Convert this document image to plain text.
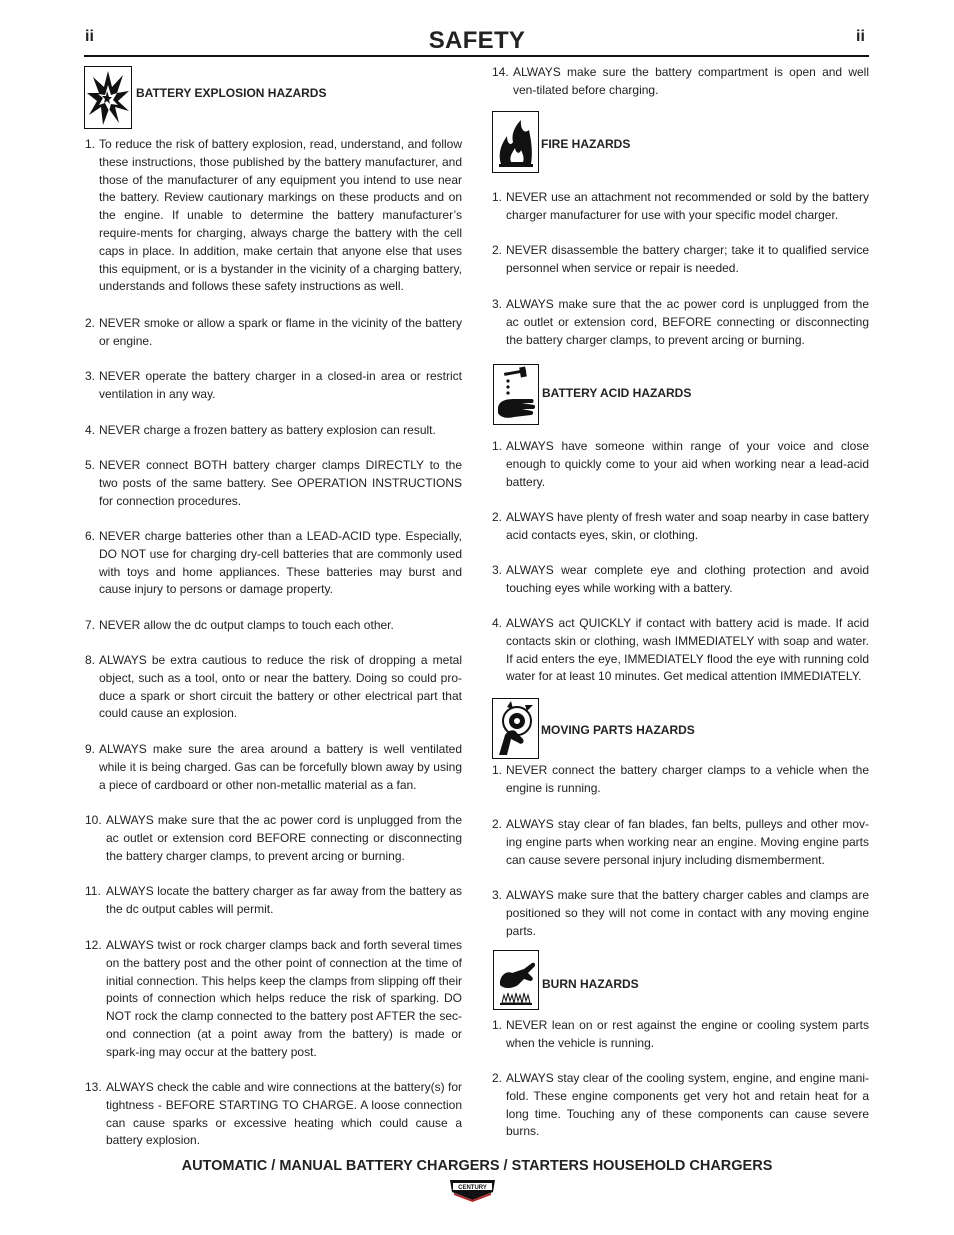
ii	SAFETY	ii
BATTERY EXPLOSION HAZARDS
FIRE HAZARDS
BATTERY ACID HAZARDS
MOVING PARTS HAZARDS
BURN HAZARDS
AUTOMATIC / MANUAL BATTERY CHARGERS / STARTERS HOUSEHOLD CHARGERS
CENTURY
1. To reduce the risk of battery explosion, read, understand, and follow these instructions, those published by the battery manufacturer, and those of the manufacturer of any equipment you intend to use near the battery. Review cautionary markings on these products and on the engine. If unable to determine the battery manufacturer’s require-ments for charging, always charge the battery with the cell caps in place. In addition, make certain that anyone else that uses this equipment, or is a bystander in the vicinity of a charging battery, understands and follows these safety instructions as well.
2. NEVER smoke or allow a spark or flame in the vicinity of the battery or engine.
3. NEVER operate the battery charger in a closed-in area or restrict ventilation in any way.
4. NEVER charge a frozen battery as battery explosion can result.
5. NEVER connect BOTH battery charger clamps DIRECTLY to the two posts of the same battery. See OPERATION INSTRUCTIONS for connection procedures.
6. NEVER charge batteries other than a LEAD-ACID type. Especially, DO NOT use for charging dry-cell batteries that are commonly used with toys and home appliances. These batteries may burst and cause injury to persons or damage property.
7. NEVER allow the dc output clamps to touch each other.
8. ALWAYS be extra cautious to reduce the risk of dropping a metal object, such as a tool, onto or near the battery. Doing so could pro-duce a spark or short circuit the battery or other electrical part that could cause an explosion.
9. ALWAYS make sure the area around a battery is well ventilated while it is being charged. Gas can be forcefully blown away by using a piece of cardboard or other non-metallic material as a fan.
10. ALWAYS make sure that the ac power cord is unplugged from the ac outlet or extension cord BEFORE connecting or disconnecting the battery charger clamps, to prevent arcing or burning.
11. ALWAYS locate the battery charger as far away from the battery as the dc output cables will permit.
12. ALWAYS twist or rock charger clamps back and forth several times on the battery post and the other point of connection at the time of initial connection. This helps keep the clamps from slipping off their points of connection which helps reduce the risk of sparking. DO NOT rock the clamp connected to the battery post AFTER the sec-ond connection (at a point away from the battery) is made or spark-ing may occur at the battery post.
13. ALWAYS check the cable and wire connections at the battery(s) for tightness - BEFORE STARTING TO CHARGE. A loose connection can cause sparks or excessive heating which could cause a battery explosion.
14. ALWAYS make sure the battery compartment is open and well ven-tilated before charging.
1. NEVER use an attachment not recommended or sold by the battery charger manufacturer for use with your specific model charger.
2. NEVER disassemble the battery charger; take it to qualified service personnel when service or repair is needed.
3. ALWAYS make sure that the ac power cord is unplugged from the ac outlet or extension cord, BEFORE connecting or disconnecting the battery charger clamps, to prevent arcing or burning.
1. ALWAYS have someone within range of your voice and close enough to quickly come to your aid when working near a lead-acid battery.
2. ALWAYS have plenty of fresh water and soap nearby in case battery acid contacts eyes, skin, or clothing.
3. ALWAYS wear complete eye and clothing protection and avoid touching eyes while working with a battery.
4. ALWAYS act QUICKLY if contact with battery acid is made. If acid contacts skin or clothing, wash IMMEDIATELY with soap and water. If acid enters the eye, IMMEDIATELY flood the eye with running cold water for at least 10 minutes. Get medical attention IMMEDIATELY.
1. NEVER connect the battery charger clamps to a vehicle when the engine is running.
2. ALWAYS stay clear of fan blades, fan belts, pulleys and other mov-ing engine parts when working near an engine. Moving engine parts can cause severe personal injury including dismemberment.
3. ALWAYS make sure that the battery charger cables and clamps are positioned so they will not come in contact with any moving engine parts.
1. NEVER lean on or rest against the engine or cooling system parts when the vehicle is running.
2. ALWAYS stay clear of the cooling system, engine, and engine mani-fold. These engine components get very hot and retain heat for a long time. Touching any of these components can cause severe burns.
